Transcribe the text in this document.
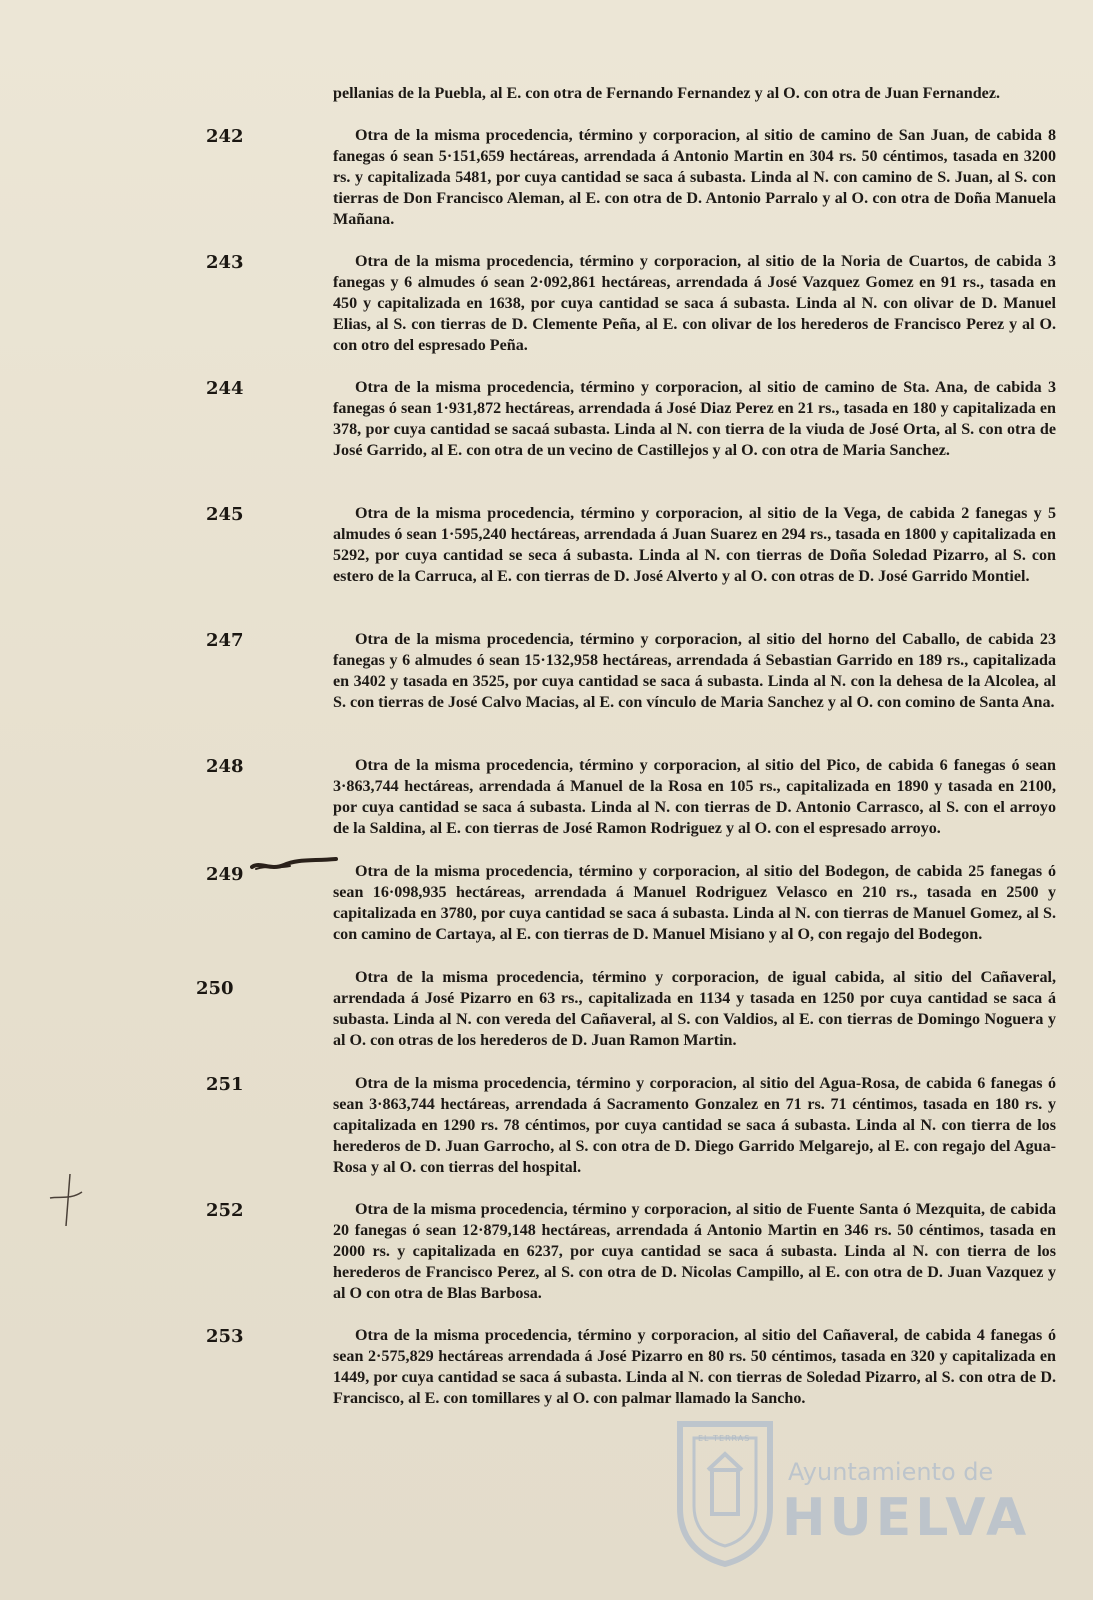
pellanias de la Puebla, al E. con otra de Fernando Fernandez y al O. con otra de Juan Fernandez.
242	Otra de la misma procedencia, término y corporacion, al sitio de camino de San Juan, de cabida 8 fanegas ó sean 5·151,659 hectáreas, arrendada á Antonio Martin en 304 rs. 50 céntimos, tasada en 3200 rs. y capitalizada 5481, por cuya cantidad se saca á subasta. Linda al N. con camino de S. Juan, al S. con tierras de Don Francisco Aleman, al E. con otra de D. Antonio Parralo y al O. con otra de Doña Manuela Mañana.
243	Otra de la misma procedencia, término y corporacion, al sitio de la Noria de Cuartos, de cabida 3 fanegas y 6 almudes ó sean 2·092,861 hectáreas, arrendada á José Vazquez Gomez en 91 rs., tasada en 450 y capitalizada en 1638, por cuya cantidad se saca á subasta. Linda al N. con olivar de D. Manuel Elias, al S. con tierras de D. Clemente Peña, al E. con olivar de los herederos de Francisco Perez y al O. con otro del espresado Peña.
244	Otra de la misma procedencia, término y corporacion, al sitio de camino de Sta. Ana, de cabida 3 fanegas ó sean 1·931,872 hectáreas, arrendada á José Diaz Perez en 21 rs., tasada en 180 y capitalizada en 378, por cuya cantidad se sacaá subasta. Linda al N. con tierra de la viuda de José Orta, al S. con otra de José Garrido, al E. con otra de un vecino de Castillejos y al O. con otra de Maria Sanchez.
245	Otra de la misma procedencia, término y corporacion, al sitio de la Vega, de cabida 2 fanegas y 5 almudes ó sean 1·595,240 hectáreas, arrendada á Juan Suarez en 294 rs., tasada en 1800 y capitalizada en 5292, por cuya cantidad se seca á subasta. Linda al N. con tierras de Doña Soledad Pizarro, al S. con estero de la Carruca, al E. con tierras de D. José Alverto y al O. con otras de D. José Garrido Montiel.
247	Otra de la misma procedencia, término y corporacion, al sitio del horno del Caballo, de cabida 23 fanegas y 6 almudes ó sean 15·132,958 hectáreas, arrendada á Sebastian Garrido en 189 rs., capitalizada en 3402 y tasada en 3525, por cuya cantidad se saca á subasta. Linda al N. con la dehesa de la Alcolea, al S. con tierras de José Calvo Macias, al E. con vínculo de Maria Sanchez y al O. con comino de Santa Ana.
248	Otra de la misma procedencia, término y corporacion, al sitio del Pico, de cabida 6 fanegas ó sean 3·863,744 hectáreas, arrendada á Manuel de la Rosa en 105 rs., capitalizada en 1890 y tasada en 2100, por cuya cantidad se saca á subasta. Linda al N. con tierras de D. Antonio Carrasco, al S. con el arroyo de la Saldina, al E. con tierras de José Ramon Rodriguez y al O. con el espresado arroyo.
249	Otra de la misma procedencia, término y corporacion, al sitio del Bodegon, de cabida 25 fanegas ó sean 16·098,935 hectáreas, arrendada á Manuel Rodriguez Velasco en 210 rs., tasada en 2500 y capitalizada en 3780, por cuya cantidad se saca á subasta. Linda al N. con tierras de Manuel Gomez, al S. con camino de Cartaya, al E. con tierras de D. Manuel Misiano y al O, con regajo del Bodegon.
250
Otra de la misma procedencia, término y corporacion, de igual cabida, al sitio del Cañaveral, arrendada á José Pizarro en 63 rs., capitalizada en 1134 y tasada en 1250 por cuya cantidad se saca á subasta. Linda al N. con vereda del Cañaveral, al S. con Valdios, al E. con tierras de Domingo Noguera y al O. con otras de los herederos de D. Juan Ramon Martin.
251	Otra de la misma procedencia, término y corporacion, al sitio del Agua-Rosa, de cabida 6 fanegas ó sean 3·863,744 hectáreas, arrendada á Sacramento Gonzalez en 71 rs. 71 céntimos, tasada en 180 rs. y capitalizada en 1290 rs. 78 céntimos, por cuya cantidad se saca á subasta. Linda al N. con tierra de los herederos de D. Juan Garrocho, al S. con otra de D. Diego Garrido Melgarejo, al E. con regajo del Agua-Rosa y al O. con tierras del hospital.
252	Otra de la misma procedencia, término y corporacion, al sitio de Fuente Santa ó Mezquita, de cabida 20 fanegas ó sean 12·879,148 hectáreas, arrendada á Antonio Martin en 346 rs. 50 céntimos, tasada en 2000 rs. y capitalizada en 6237, por cuya cantidad se saca á subasta. Linda al N. con tierra de los herederos de Francisco Perez, al S. con otra de D. Nicolas Campillo, al E. con otra de D. Juan Vazquez y al O con otra de Blas Barbosa.
253	Otra de la misma procedencia, término y corporacion, al sitio del Cañaveral, de cabida 4 fanegas ó sean 2·575,829 hectáreas arrendada á José Pizarro en 80 rs. 50 céntimos, tasada en 320 y capitalizada en 1449, por cuya cantidad se saca á subasta. Linda al N. con tierras de Soledad Pizarro, al S. con otra de D. Francisco, al E. con tomillares y al O. con palmar llamado la Sancho.
EL TERRAS
Ayuntamiento de
HUELVA
